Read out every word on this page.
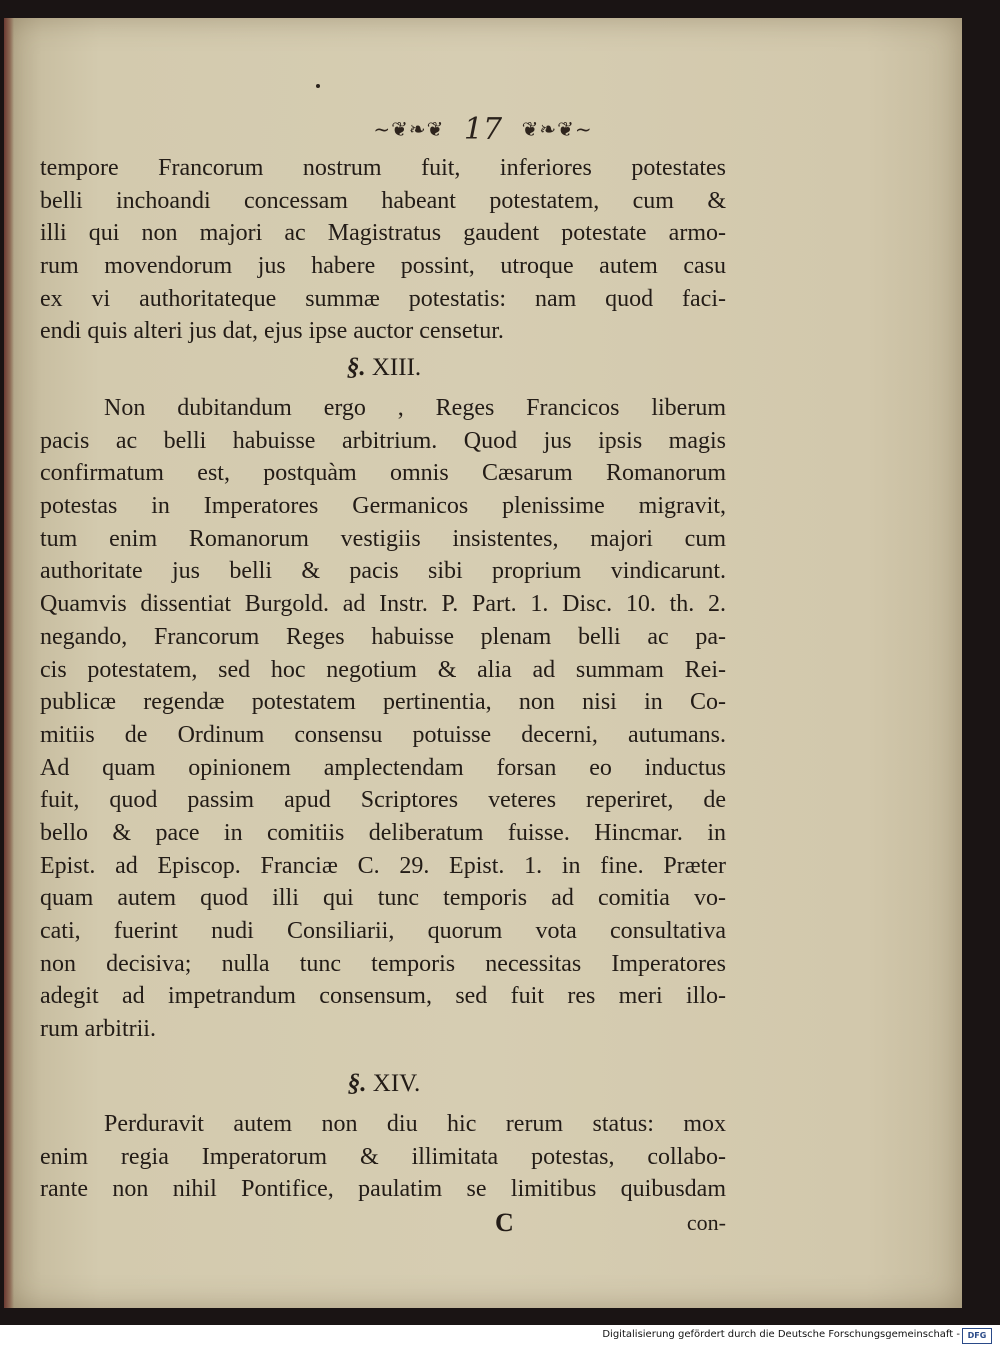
~❦❧❦ 17 ❦❧❦~
tempore Francorum nostrum fuit, inferiores potestates
belli inchoandi concessam habeant potestatem, cum &
illi qui non majori ac Magistratus gaudent potestate armo-
rum movendorum jus habere possint, utroque autem casu
ex vi authoritateque summæ potestatis: nam quod faci-
endi quis alteri jus dat, ejus ipse auctor censetur.
§. XIII.
Non dubitandum ergo , Reges Francicos liberum
pacis ac belli habuisse arbitrium. Quod jus ipsis magis
confirmatum est, postquàm omnis Cæsarum Romanorum
potestas in Imperatores Germanicos plenissime migravit,
tum enim Romanorum vestigiis insistentes, majori cum
authoritate jus belli & pacis sibi proprium vindicarunt.
Quamvis dissentiat Burgold. ad Instr. P. Part. 1. Disc. 10. th. 2.
negando, Francorum Reges habuisse plenam belli ac pa-
cis potestatem, sed hoc negotium & alia ad summam Rei-
publicæ regendæ potestatem pertinentia, non nisi in Co-
mitiis de Ordinum consensu potuisse decerni, autumans.
Ad quam opinionem amplectendam forsan eo inductus
fuit, quod passim apud Scriptores veteres reperiret, de
bello & pace in comitiis deliberatum fuisse. Hincmar. in
Epist. ad Episcop. Franciæ C. 29. Epist. 1. in fine. Præter
quam autem quod illi qui tunc temporis ad comitia vo-
cati, fuerint nudi Consiliarii, quorum vota consultativa
non decisiva; nulla tunc temporis necessitas Imperatores
adegit ad impetrandum consensum, sed fuit res meri illo-
rum arbitrii.
§. XIV.
Perduravit autem non diu hic rerum status: mox
enim regia Imperatorum & illimitata potestas, collabo-
rante non nihil Pontifice, paulatim se limitibus quibusdam
C	con-
Digitalisierung gefördert durch die Deutsche Forschungsgemeinschaft - DFG
